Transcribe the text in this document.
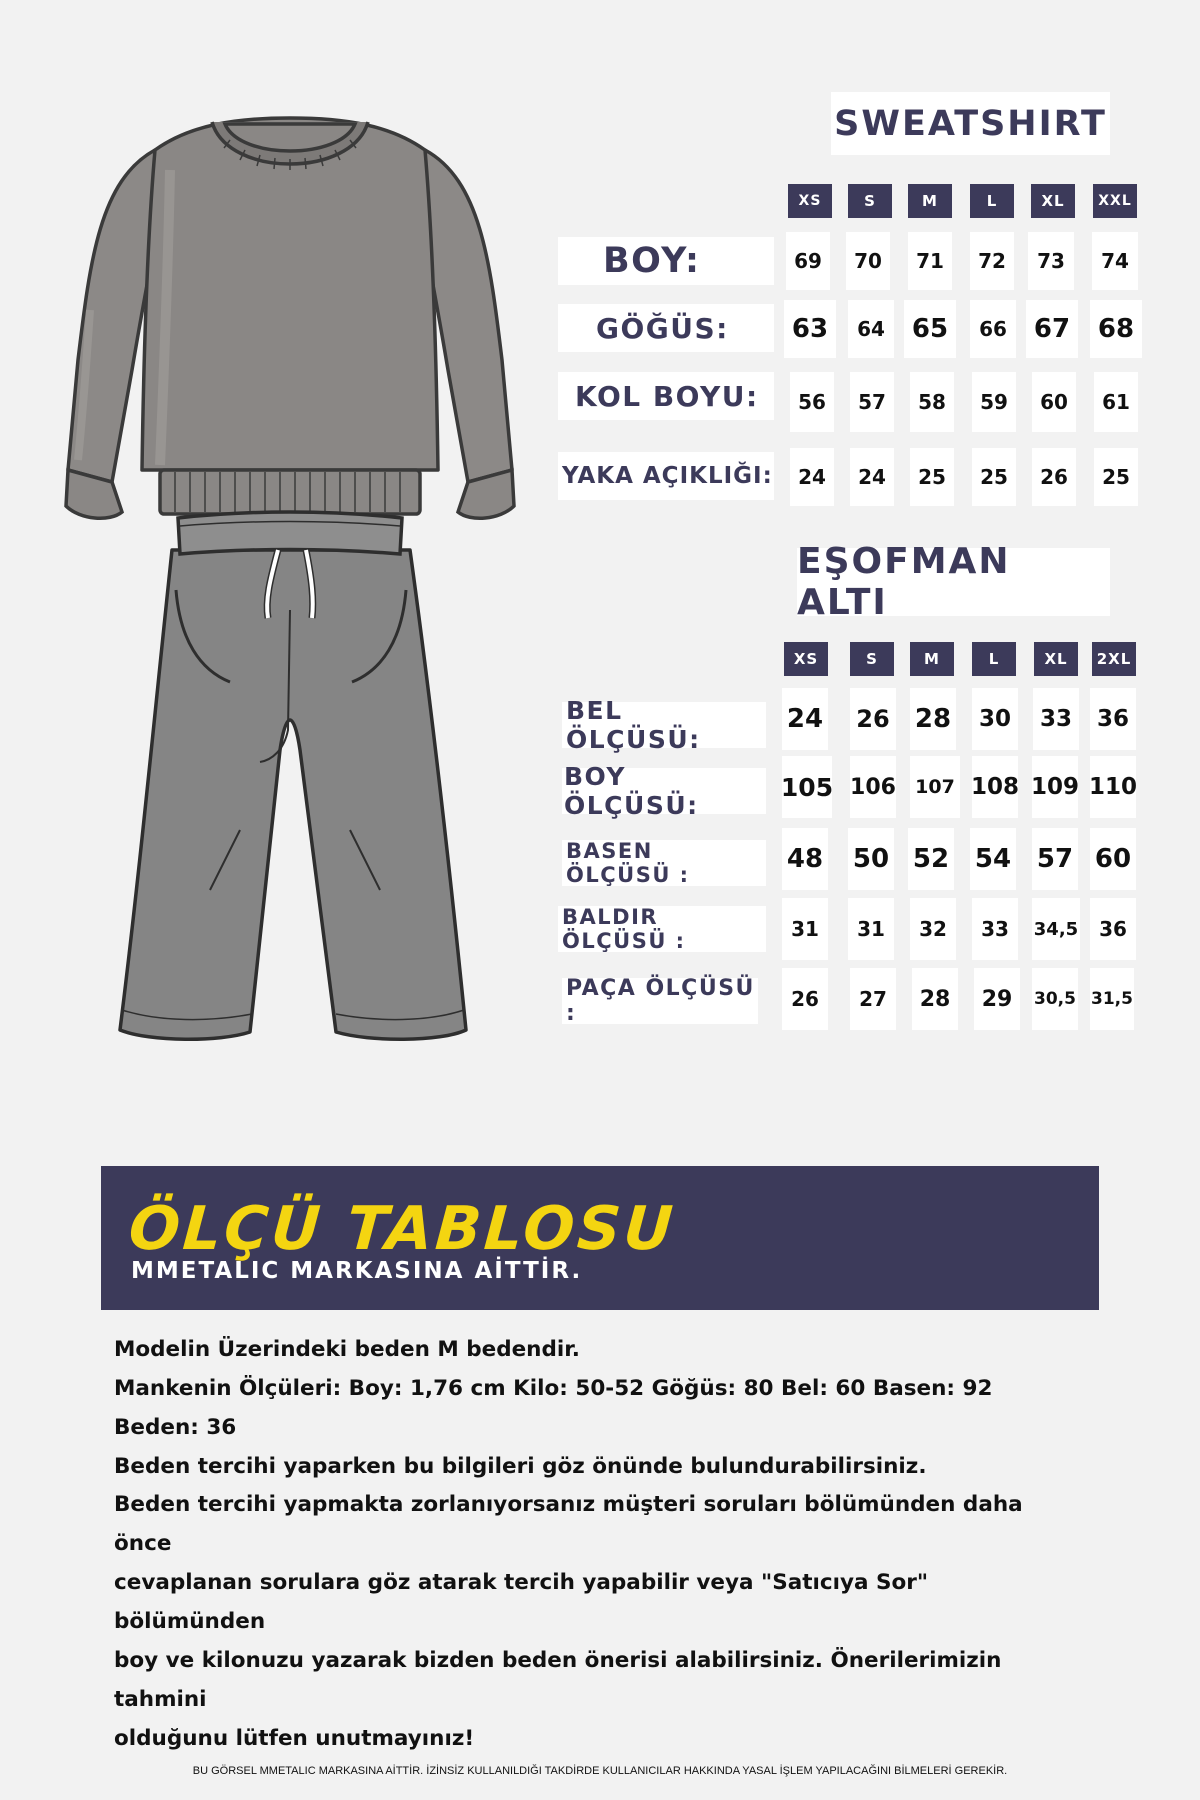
SWEATSHIRT
XS	S	M	L	XL	XXL
BOY:	69	70	71	72	73	74
GÖĞÜS:	63	64	65	66	67	68
KOL BOYU:	56	57	58	59	60	61
YAKA AÇIKLIĞI:	24	24	25	25	26	25
EŞOFMAN ALTI
XS	S	M	L	XL	2XL
BEL ÖLÇÜSÜ:
24 26 28	30	33	36
BOY ÖLÇÜSÜ:
105 106 107 108 109 110
BASEN ÖLÇÜSÜ :
48 50 52 54 57 60
BALDIR ÖLÇÜSÜ :	31	31	32	33	34,5	36
PAÇA ÖLÇÜSÜ :
26	27	28	29	30,5 31,5
ÖLÇÜ TABLOSU
MMETALIC MARKASINA AİTTİR.

Modelin Üzerindeki beden M bedendir.

Mankenin Ölçüleri: Boy: 1,76 cm Kilo: 50-52 Göğüs: 80 Bel: 60 Basen: 92 Beden: 36

Beden tercihi yaparken bu bilgileri göz önünde bulundurabilirsiniz.

Beden tercihi yapmakta zorlanıyorsanız müşteri soruları bölümünden daha önce

cevaplanan sorulara göz atarak tercih yapabilir veya "Satıcıya Sor" bölümünden

boy ve kilonuzu yazarak bizden beden önerisi alabilirsiniz. Önerilerimizin tahmini

olduğunu lütfen unutmayınız!

BU GÖRSEL MMETALIC MARKASINA AİTTİR. İZİNSİZ KULLANILDIĞI TAKDİRDE KULLANICILAR HAKKINDA YASAL İŞLEM YAPILACAĞINI BİLMELERİ GEREKİR.
